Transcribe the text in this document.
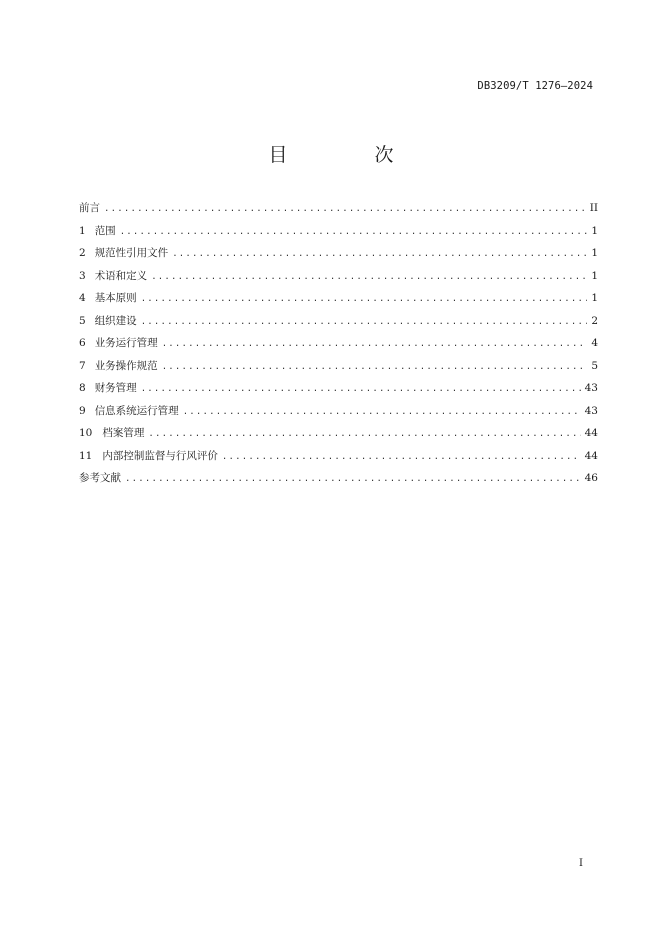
DB3209/T 1276—2024
目　次
前言 .....	II
1 范围 .....	1
2 规范性引用文件 .....	1
3 术语和定义 .....	1
4 基本原则 .....	1
5 组织建设 .....	2
6 业务运行管理 .....	4
7 业务操作规范 .....	5
8 财务管理 .....	43
9 信息系统运行管理 .....	43
10 档案管理 .....	44
11 内部控制监督与行风评价 .....	44
参考文献 .....	46
I
